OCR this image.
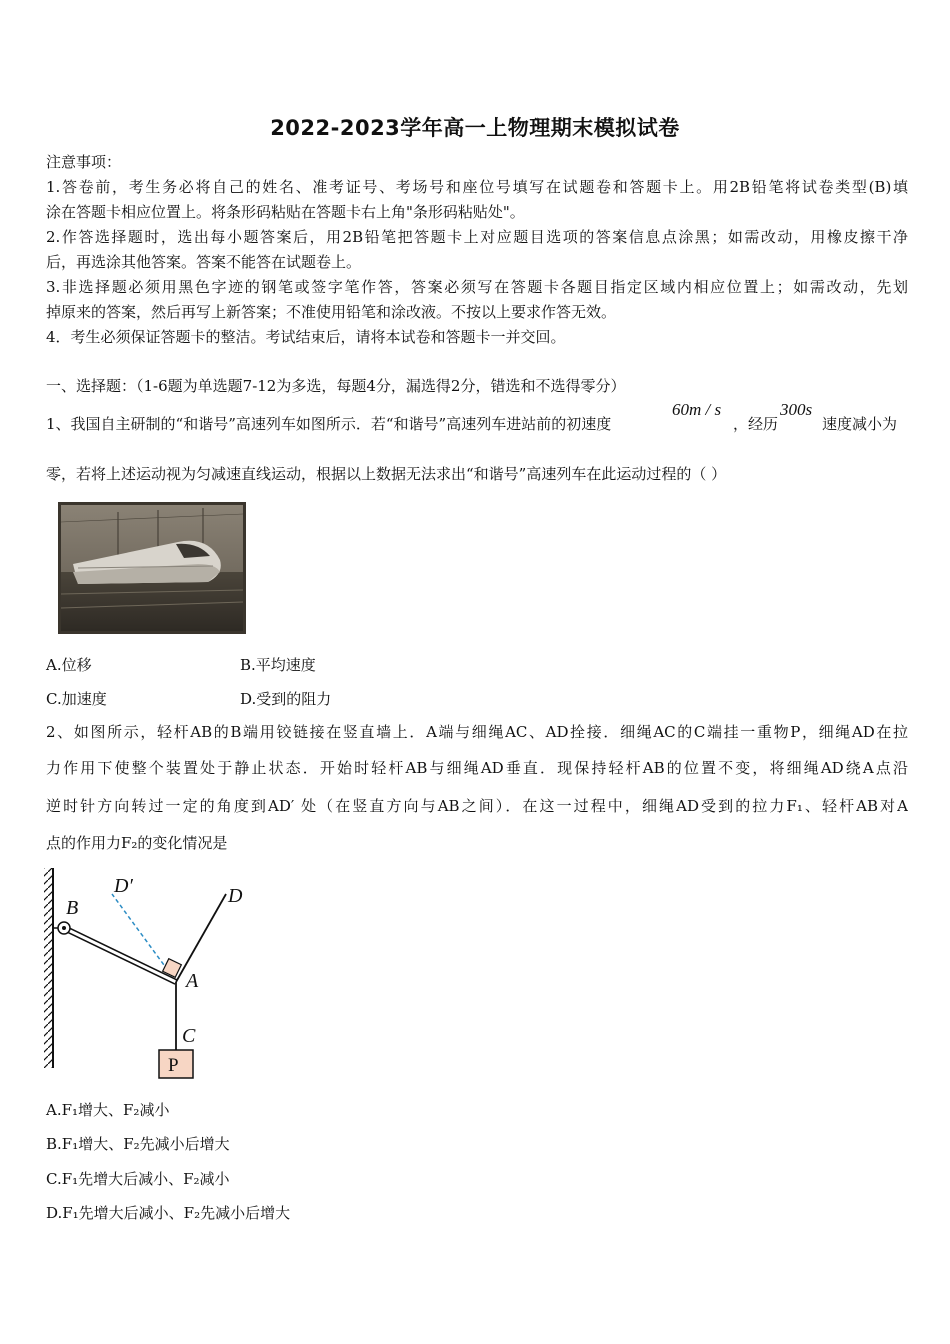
2022-2023学年高一上物理期末模拟试卷
注意事项：
1.答卷前，考生务必将自己的姓名、准考证号、考场号和座位号填写在试题卷和答题卡上。用2B铅笔将试卷类型(B)填
涂在答题卡相应位置上。将条形码粘贴在答题卡右上角"条形码粘贴处"。
2.作答选择题时，选出每小题答案后，用2B铅笔把答题卡上对应题目选项的答案信息点涂黑；如需改动，用橡皮擦干净
后，再选涂其他答案。答案不能答在试题卷上。
3.非选择题必须用黑色字迹的钢笔或签字笔作答，答案必须写在答题卡各题目指定区域内相应位置上；如需改动，先划
掉原来的答案，然后再写上新答案；不准使用铅笔和涂改液。不按以上要求作答无效。
4．考生必须保证答题卡的整洁。考试结束后，请将本试卷和答题卡一并交回。
一、选择题：（1-6题为单选题7-12为多选，每题4分，漏选得2分，错选和不选得零分）
1、我国自主研制的“和谐号”高速列车如图所示．若“和谐号”高速列车进站前的初速度
60m / s
，经历
300s
速度减小为
零，若将上述运动视为匀减速直线运动，根据以上数据无法求出“和谐号”高速列车在此运动过程的（ ）
A.位移	B.平均速度
C.加速度	D.受到的阻力
2、如图所示，轻杆AB的B端用铰链接在竖直墙上．A端与细绳AC、AD拴接．细绳AC的C端挂一重物P，细绳AD在拉
力作用下使整个装置处于静止状态．开始时轻杆AB与细绳AD垂直．现保持轻杆AB的位置不变，将细绳AD绕A点沿
逆时针方向转过一定的角度到AD′ 处（在竖直方向与AB之间）．在这一过程中，细绳AD受到的拉力F₁、轻杆AB对A
点的作用力F₂的变化情况是
B
A
C
D
D′
P
A.F₁增大、F₂减小
B.F₁增大、F₂先减小后增大
C.F₁先增大后减小、F₂减小
D.F₁先增大后减小、F₂先减小后增大
